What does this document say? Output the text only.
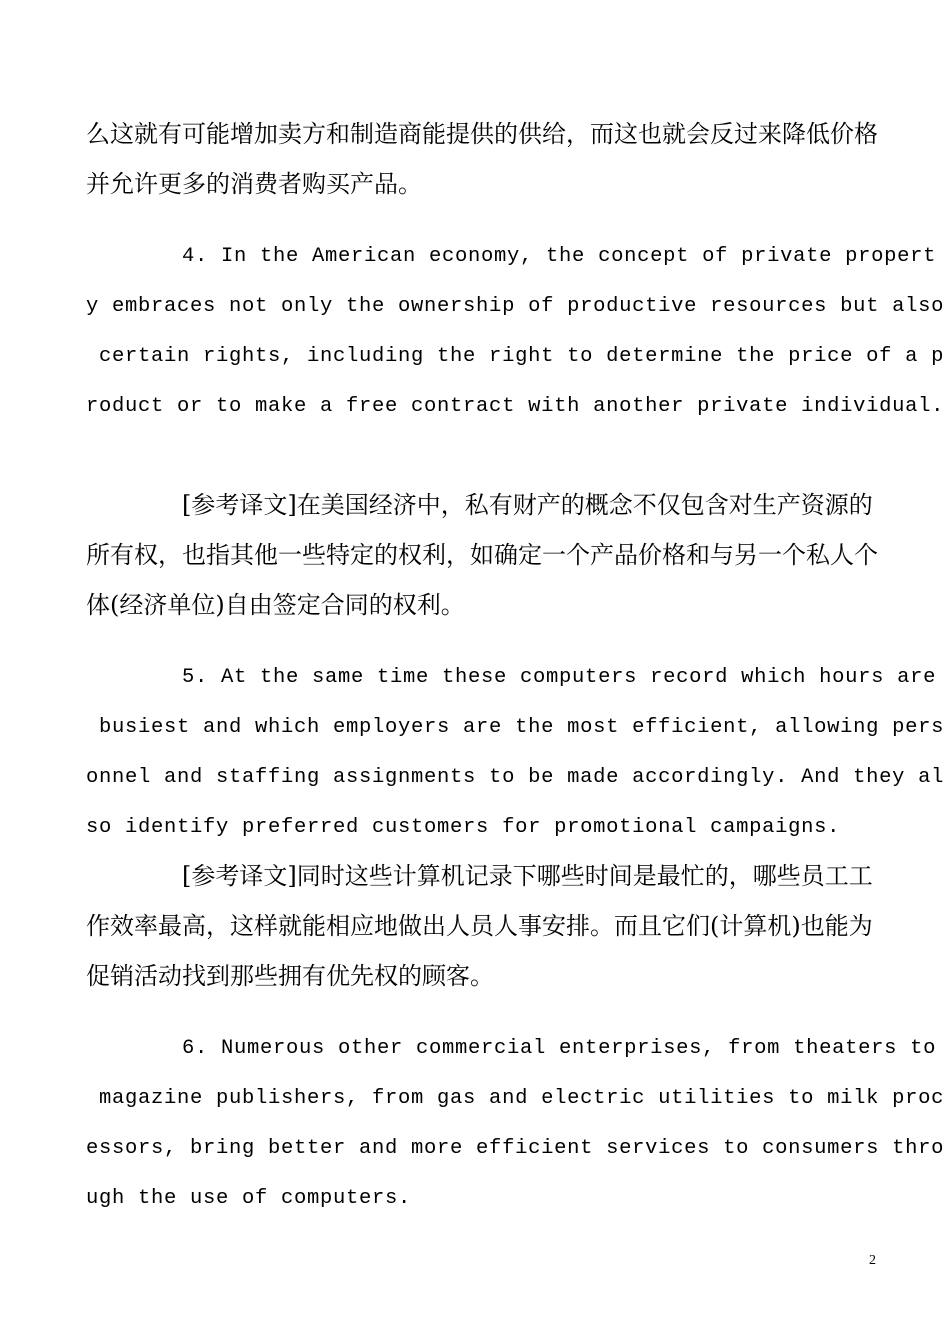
么这就有可能增加卖方和制造商能提供的供给，而这也就会反过来降低价格
并允许更多的消费者购买产品。
4. In the American economy, the concept of private propert
y embraces not only the ownership of productive resources but also
certain rights, including the right to determine the price of a p
roduct or to make a free contract with another private individual.
[参考译文]在美国经济中，私有财产的概念不仅包含对生产资源的
所有权，也指其他一些特定的权利，如确定一个产品价格和与另一个私人个
体(经济单位)自由签定合同的权利。
5. At the same time these computers record which hours are
busiest and which employers are the most efficient, allowing pers
onnel and staffing assignments to be made accordingly. And they al
so identify preferred customers for promotional campaigns.
[参考译文]同时这些计算机记录下哪些时间是最忙的，哪些员工工
作效率最高，这样就能相应地做出人员人事安排。而且它们(计算机)也能为
促销活动找到那些拥有优先权的顾客。
6. Numerous other commercial enterprises, from theaters to
magazine publishers, from gas and electric utilities to milk proc
essors, bring better and more efficient services to consumers thro
ugh the use of computers.
2
